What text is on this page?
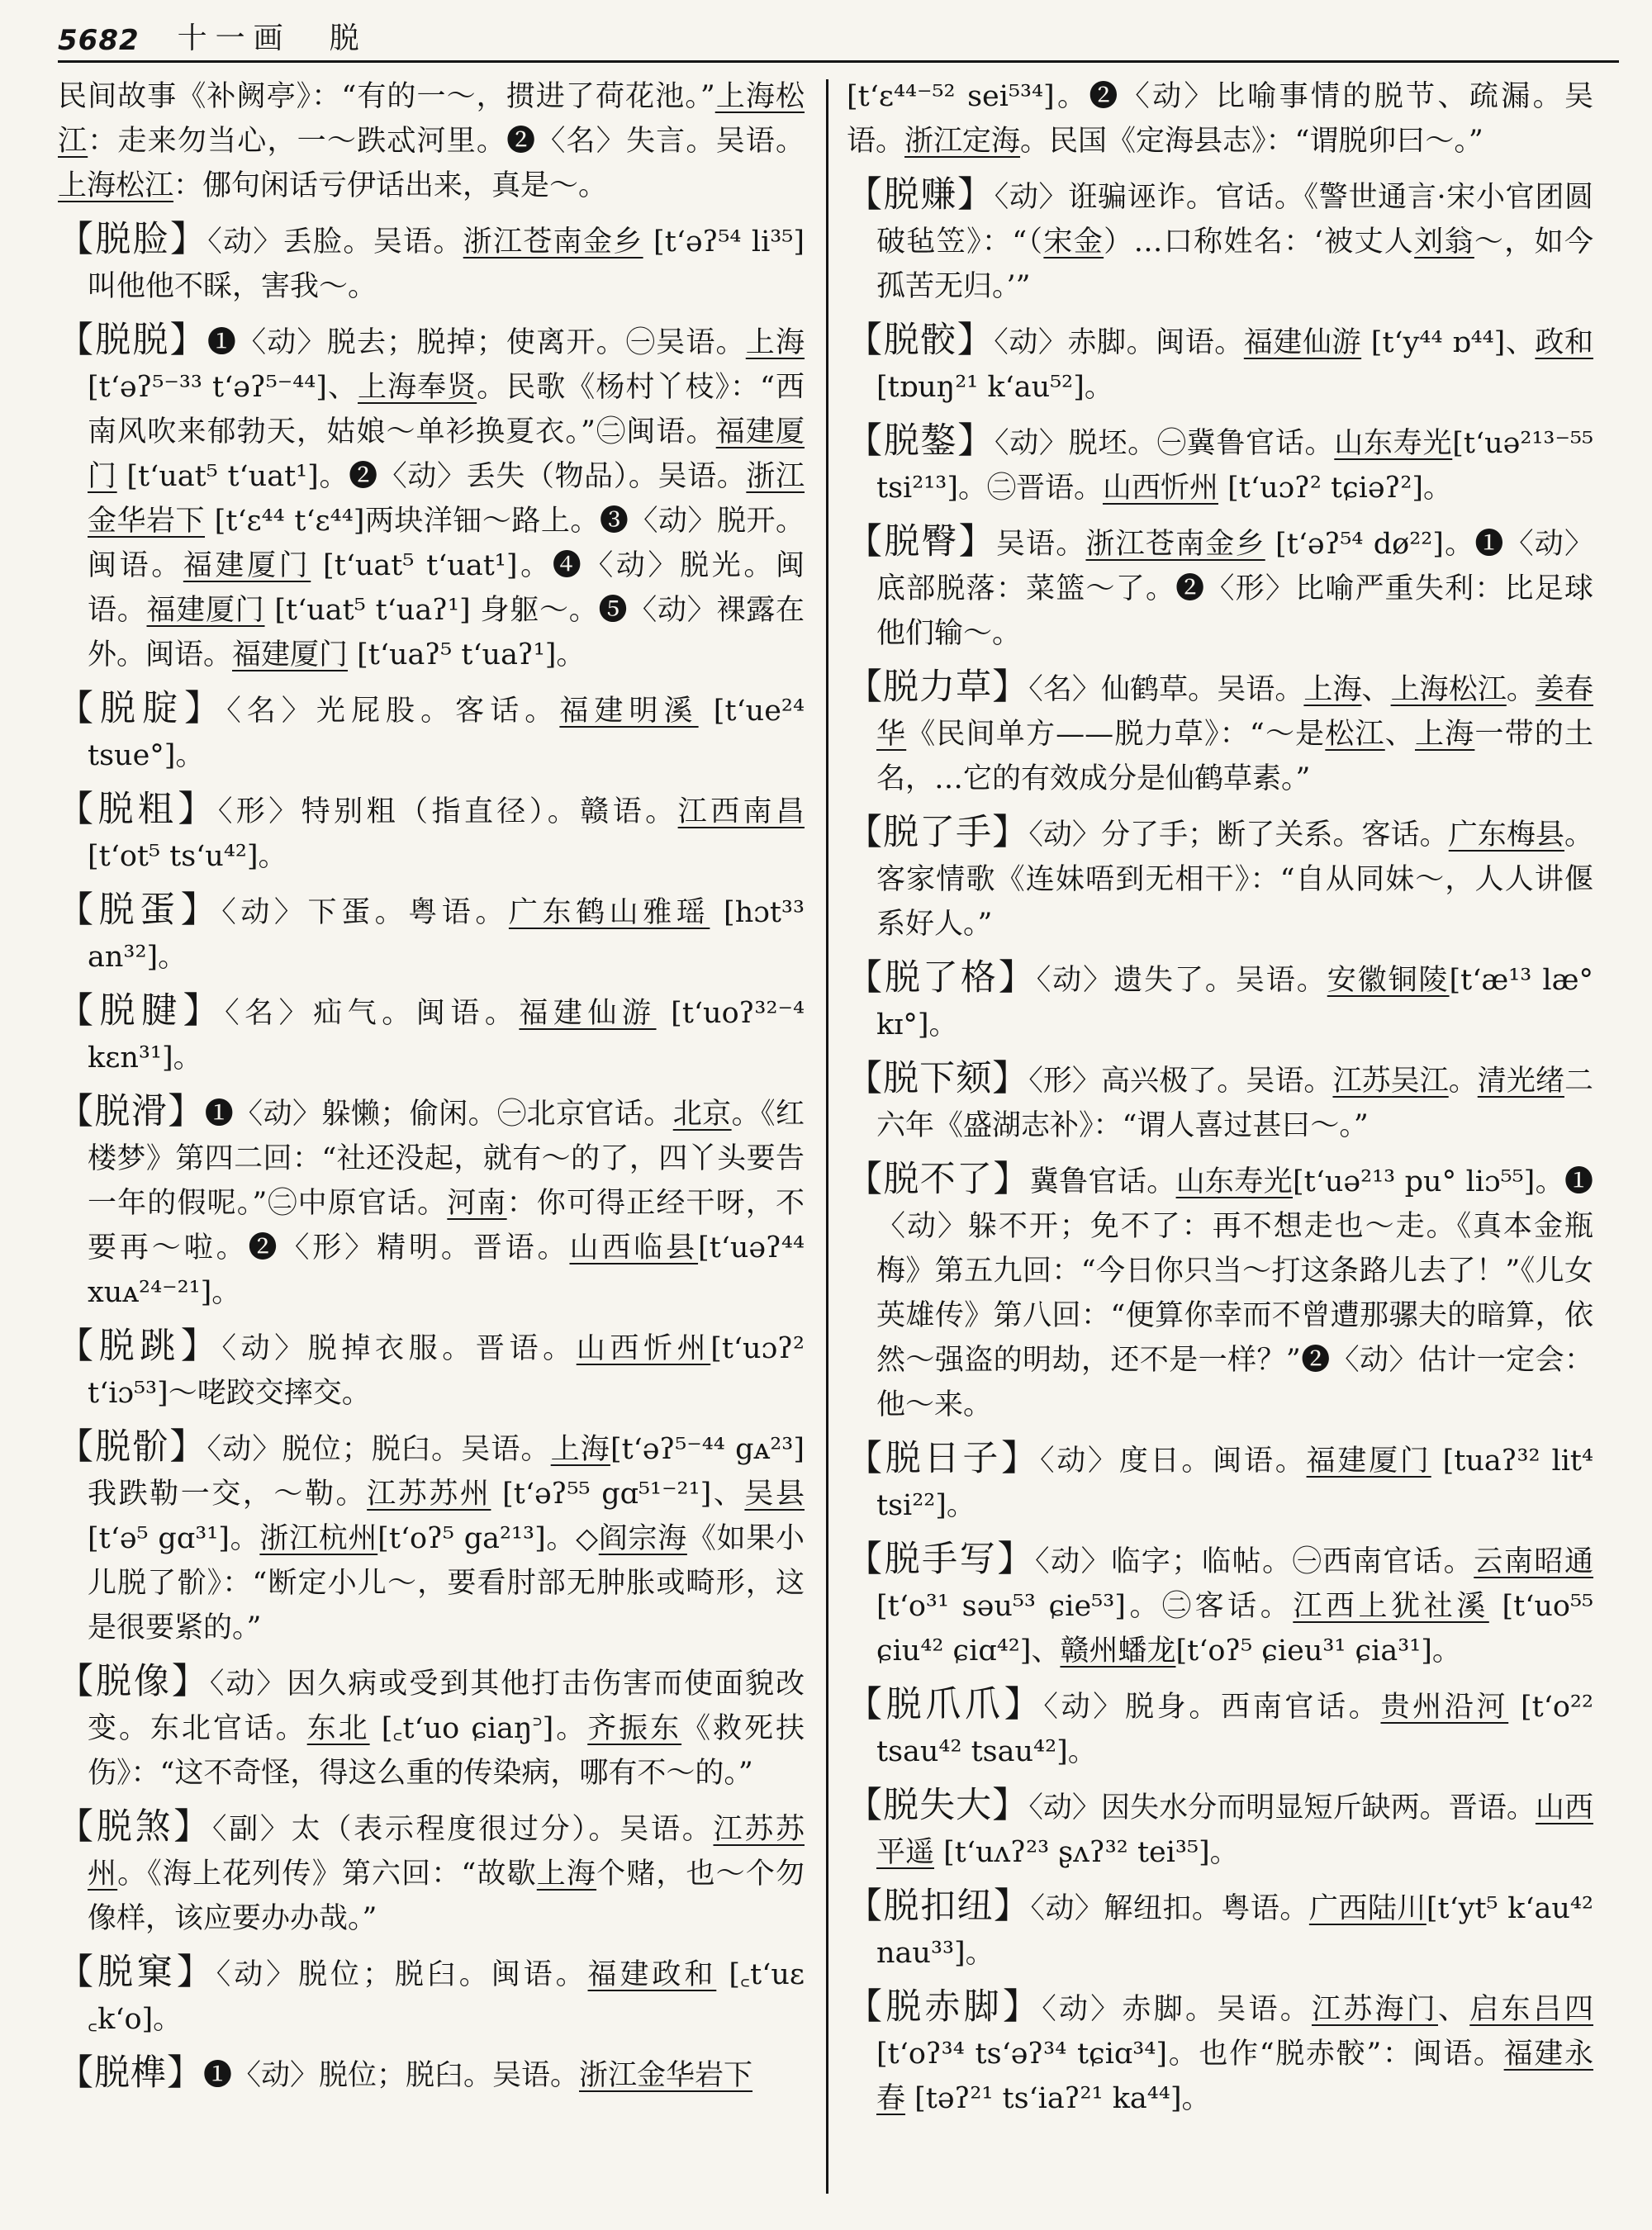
5682 十一画　脱

民间故事《补阙亭》：“有的一～，掼进了荷花池。”上海松江：走来勿当心，一～跌忒河里。❷〈名〉失言。吴语。上海松江：㑚句闲话亏伊话出来，真是～。

【脱脸】〈动〉丢脸。吴语。浙江苍南金乡 [tʻəʔ⁵⁴ li³⁵] 叫他他不睬，害我～。

【脱脱】❶〈动〉脱去；脱掉；使离开。㊀吴语。上海 [tʻəʔ⁵⁻³³ tʻəʔ⁵⁻⁴⁴]、上海奉贤。民歌《杨村丫枝》：“西南风吹来郁勃天，姑娘～单衫换夏衣。”㊁闽语。福建厦门 [tʻuat⁵ tʻuat¹]。❷〈动〉丢失（物品）。吴语。浙江金华岩下 [tʻɛ⁴⁴ tʻɛ⁴⁴]两块洋钿～路上。❸〈动〉脱开。闽语。福建厦门 [tʻuat⁵ tʻuat¹]。❹〈动〉脱光。闽语。福建厦门 [tʻuat⁵ tʻuaʔ¹] 身躯～。❺〈动〉裸露在外。闽语。福建厦门 [tʻuaʔ⁵ tʻuaʔ¹]。

【脱腚】〈名〉光屁股。客话。福建明溪 [tʻue²⁴ tsue°]。

【脱粗】〈形〉特别粗（指直径）。赣语。江西南昌 [tʻot⁵ tsʻu⁴²]。

【脱蛋】〈动〉下蛋。粤语。广东鹤山雅瑶 [hɔt³³ an³²]。

【脱腱】〈名〉疝气。闽语。福建仙游 [tʻuoʔ³²⁻⁴ kɛn³¹]。

【脱滑】❶〈动〉躲懒；偷闲。㊀北京官话。北京。《红楼梦》第四二回：“社还没起，就有～的了，四丫头要告一年的假呢。”㊁中原官话。河南：你可得正经干呀，不要再～啦。❷〈形〉精明。晋语。山西临县[tʻuəʔ⁴⁴ xuᴀ²⁴⁻²¹]。

【脱跳】〈动〉脱掉衣服。晋语。山西忻州[tʻuɔʔ² tʻiɔ⁵³]～咾跤交摔交。

【脱骱】〈动〉脱位；脱臼。吴语。上海[tʻəʔ⁵⁻⁴⁴ gᴀ²³] 我跌勒一交，～勒。江苏苏州 [tʻəʔ⁵⁵ gɑ⁵¹⁻²¹]、吴县 [tʻə⁵ gɑ³¹]。浙江杭州[tʻoʔ⁵ ga²¹³]。◇阎宗海《如果小儿脱了骱》：“断定小儿～，要看肘部无肿胀或畸形，这是很要紧的。”

【脱像】〈动〉因久病或受到其他打击伤害而使面貌改变。东北官话。东北 [꜀tʻuo ɕiaŋ꜄]。齐振东《救死扶伤》：“这不奇怪，得这么重的传染病，哪有不～的。”

【脱煞】〈副〉太（表示程度很过分）。吴语。江苏苏州。《海上花列传》第六回：“故歇上海个赌，也～个勿像样，该应要办办哉。”

【脱窠】〈动〉脱位；脱臼。闽语。福建政和 [꜀tʻuɛ ꜀kʻo]。

【脱榫】❶〈动〉脱位；脱臼。吴语。浙江金华岩下

[tʻɛ⁴⁴⁻⁵² sei⁵³⁴]。❷〈动〉比喻事情的脱节、疏漏。吴语。浙江定海。民国《定海县志》：“谓脱卯曰～。”

【脱赚】〈动〉诳骗诬诈。官话。《警世通言·宋小官团圆破毡笠》：“（宋金）…口称姓名：‘被丈人刘翁～，如今孤苦无归。’”

【脱骹】〈动〉赤脚。闽语。福建仙游 [tʻy⁴⁴ ɒ⁴⁴]、政和 [tɒuŋ²¹ kʻau⁵²]。

【脱鏊】〈动〉脱坯。㊀冀鲁官话。山东寿光[tʻuə²¹³⁻⁵⁵ tsi²¹³]。㊁晋语。山西忻州 [tʻuɔʔ² tɕiəʔ²]。

【脱臀】吴语。浙江苍南金乡 [tʻəʔ⁵⁴ dø²²]。❶〈动〉底部脱落：菜篮～了。❷〈形〉比喻严重失利：比足球他们输～。

【脱力草】〈名〉仙鹤草。吴语。上海、上海松江。姜春华《民间单方——脱力草》：“～是松江、上海一带的土名，…它的有效成分是仙鹤草素。”

【脱了手】〈动〉分了手；断了关系。客话。广东梅县。客家情歌《连妹唔到无相干》：“自从同妹～，人人讲偃系好人。”

【脱了格】〈动〉遗失了。吴语。安徽铜陵[tʻæ¹³ læ° kɪ°]。

【脱下颏】〈形〉高兴极了。吴语。江苏吴江。清光绪二六年《盛湖志补》：“谓人喜过甚曰～。”

【脱不了】冀鲁官话。山东寿光[tʻuə²¹³ pu° liɔ⁵⁵]。❶〈动〉躲不开；免不了：再不想走也～走。《真本金瓶梅》第五九回：“今日你只当～打这条路儿去了！”《儿女英雄传》第八回：“便算你幸而不曾遭那骡夫的暗算，依然～强盗的明劫，还不是一样？”❷〈动〉估计一定会：他～来。

【脱日子】〈动〉度日。闽语。福建厦门 [tuaʔ³² lit⁴ tsi²²]。

【脱手写】〈动〉临字；临帖。㊀西南官话。云南昭通 [tʻo³¹ səu⁵³ ɕie⁵³]。㊁客话。江西上犹社溪 [tʻuo⁵⁵ ɕiu⁴² ɕiɑ⁴²]、赣州蟠龙[tʻoʔ⁵ ɕieu³¹ ɕia³¹]。

【脱爪爪】〈动〉脱身。西南官话。贵州沿河 [tʻo²² tsau⁴² tsau⁴²]。

【脱失大】〈动〉因失水分而明显短斤缺两。晋语。山西平遥 [tʻuʌʔ²³ ʂʌʔ³² tei³⁵]。

【脱扣纽】〈动〉解纽扣。粤语。广西陆川[tʻyt⁵ kʻau⁴² nau³³]。

【脱赤脚】〈动〉赤脚。吴语。江苏海门、启东吕四 [tʻoʔ³⁴ tsʻəʔ³⁴ tɕiɑ³⁴]。也作“脱赤骹”：闽语。福建永春 [təʔ²¹ tsʻiaʔ²¹ ka⁴⁴]。
